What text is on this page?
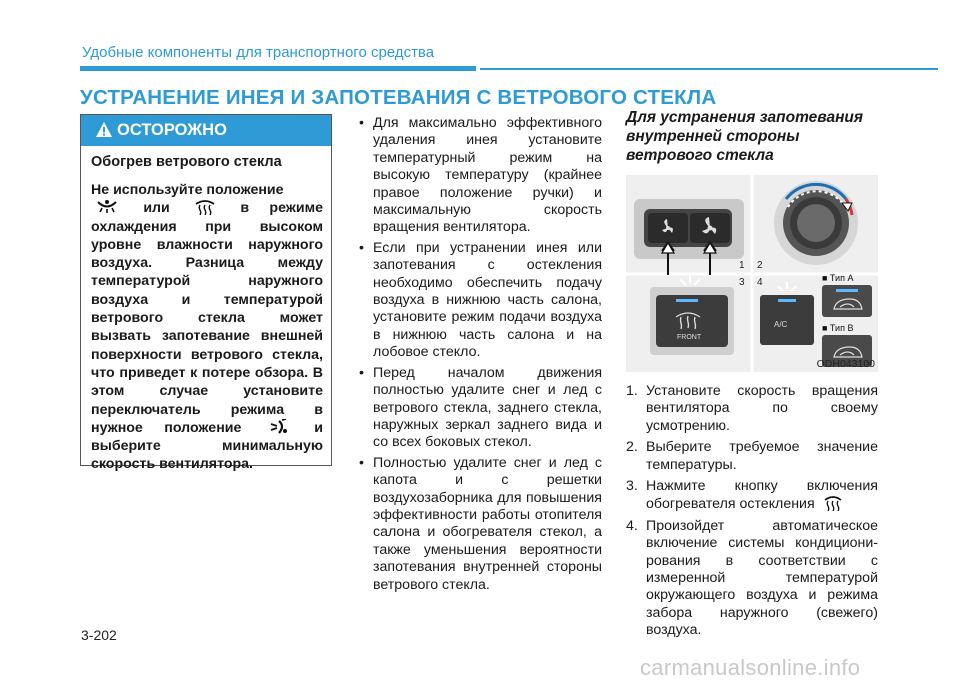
Удобные компоненты для транспортного средства
УСТРАНЕНИЕ ИНЕЯ И ЗАПОТЕВАНИЯ С ВЕТРОВОГО СТЕКЛА
ОСТОРОЖНО
Обогрев ветрового стекла
Не используйте положение
или	в режиме охлаждения при высоком уровне влажности наружного воздуха. Разница между температурой наружного воздуха и температурой ветрового стекла может вызвать запотевание внешней поверхности ветрового стекла, что приведет к потере обзора. В этом случае установите переключатель режима в нужное положение	и выберите минимальную скорость вентилятора.
• Для максимально эффективного удаления инея установите температурный режим на высокую температуру (крайнее правое положение ручки) и максимальную скорость вращения вентилятора.
• Если при устранении инея или запотевания с остекления необходимо обеспечить подачу воздуха в нижнюю часть салона, установите режим подачи воздуха в нижнюю часть салона и на лобовое стекло.
• Перед началом движения полностью удалите снег и лед с ветрового стекла, заднего стекла, наружных зеркал заднего вида и со всех боковых стекол.
• Полностью удалите снег и лед с капота и с решетки воздухозаборника для повышения эффективности работы отопителя салона и обогревателя стекол, а также уменьшения вероятности запотевания внутренней стороны ветрового стекла.
Для устранения запотевания внутренней стороны ветрового стекла
1 2
3 4
FRONT
A/C
■ Тип A
■ Тип B
ODH043100
1. Установите скорость вращения вентилятора по своему усмотрению.
2. Выберите требуемое значение температуры.
3. Нажмите кнопку включения обогревателя остекления
4. Произойдет автоматическое включение системы кондициони-рования в соответствии с измеренной температурой окружающего воздуха и режима забора наружного (свежего) воздуха.
3-202
carmanualsonline.info
